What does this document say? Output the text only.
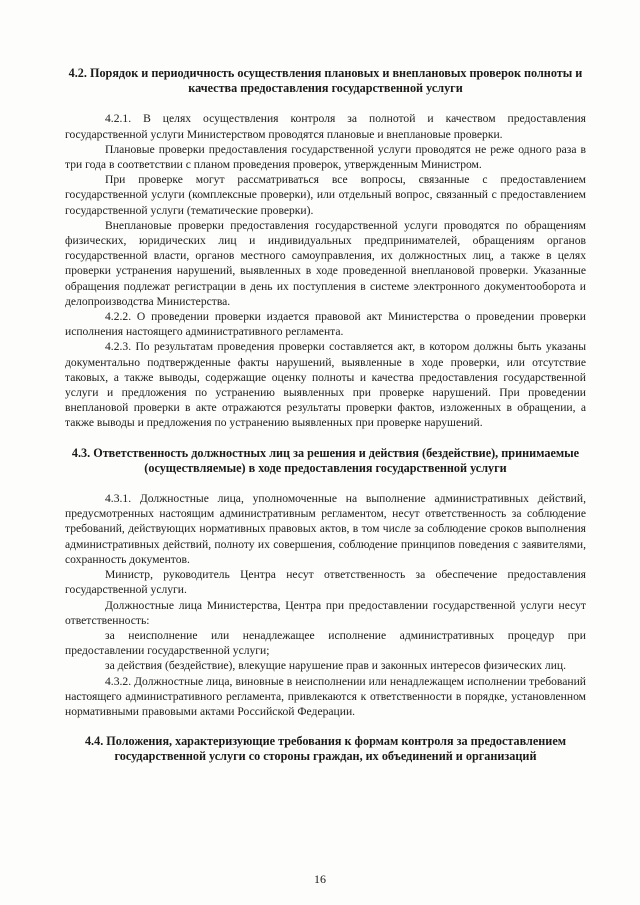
4.2. Порядок и периодичность осуществления плановых и внеплановых проверок полноты и качества предоставления государственной услуги

4.2.1. В целях осуществления контроля за полнотой и качеством предоставления государственной услуги Министерством проводятся плановые и внеплановые проверки.

Плановые проверки предоставления государственной услуги проводятся не реже одного раза в три года в соответствии с планом проведения проверок, утвержденным Министром.

При проверке могут рассматриваться все вопросы, связанные с предоставлением государственной услуги (комплексные проверки), или отдельный вопрос, связанный с предоставлением государственной услуги (тематические проверки).

Внеплановые проверки предоставления государственной услуги проводятся по обращениям физических, юридических лиц и индивидуальных предпринимателей, обращениям органов государственной власти, органов местного самоуправления, их должностных лиц, а также в целях проверки устранения нарушений, выявленных в ходе проведенной внеплановой проверки. Указанные обращения подлежат регистрации в день их поступления в системе электронного документооборота и делопроизводства Министерства.

4.2.2. О проведении проверки издается правовой акт Министерства о проведении проверки исполнения настоящего административного регламента.

4.2.3. По результатам проведения проверки составляется акт, в котором должны быть указаны документально подтвержденные факты нарушений, выявленные в ходе проверки, или отсутствие таковых, а также выводы, содержащие оценку полноты и качества предоставления государственной услуги и предложения по устранению выявленных при проверке нарушений. При проведении внеплановой проверки в акте отражаются результаты проверки фактов, изложенных в обращении, а также выводы и предложения по устранению выявленных при проверке нарушений.

4.3. Ответственность должностных лиц за решения и действия (бездействие), принимаемые (осуществляемые) в ходе предоставления государственной услуги

4.3.1. Должностные лица, уполномоченные на выполнение административных действий, предусмотренных настоящим административным регламентом, несут ответственность за соблюдение требований, действующих нормативных правовых актов, в том числе за соблюдение сроков выполнения административных действий, полноту их совершения, соблюдение принципов поведения с заявителями, сохранность документов.

Министр, руководитель Центра несут ответственность за обеспечение предоставления государственной услуги.

Должностные лица Министерства, Центра при предоставлении государственной услуги несут ответственность:

за неисполнение или ненадлежащее исполнение административных процедур при предоставлении государственной услуги;

за действия (бездействие), влекущие нарушение прав и законных интересов физических лиц.

4.3.2. Должностные лица, виновные в неисполнении или ненадлежащем исполнении требований настоящего административного регламента, привлекаются к ответственности в порядке, установленном нормативными правовыми актами Российской Федерации.

4.4. Положения, характеризующие требования к формам контроля за предоставлением государственной услуги со стороны граждан, их объединений и организаций

16
